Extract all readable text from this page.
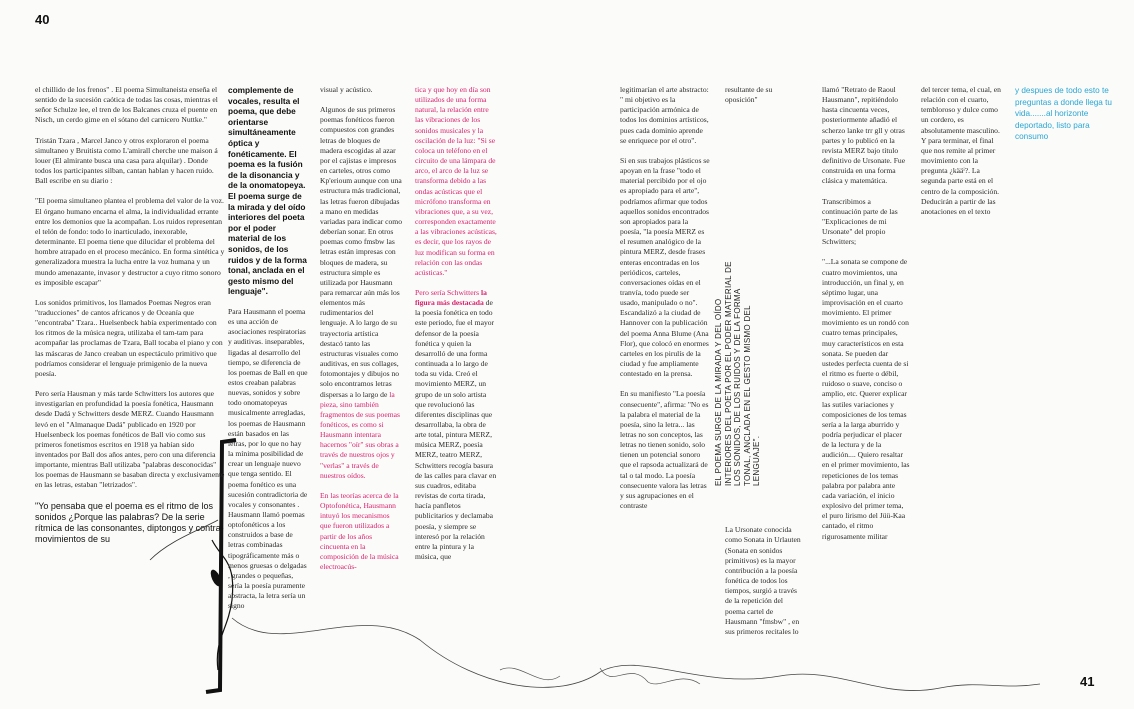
40
41

el chillido de los frenos" . El poema Simultaneista enseña el sentido de la sucesión caótica de todas las cosas, mientras el señor Schulze lee, el tren de los Balcanes cruza el puente en Nisch, un cerdo gime en el sótano del carnicero Nuttke."

Tristán Tzara , Marcel Janco y otros exploraron el poema simultaneo y Bruitista como L'amirall cherche une maison á louer (El almirante busca una casa para alquilar) . Donde todos los participantes silban, cantan hablan y hacen ruido. Ball escribe en su diario :

"El poema simultaneo plantea el problema del valor de la voz. El órgano humano encarna el alma, la individualidad errante entre los demonios que la acompañan. Los ruidos representan el telón de fondo: todo lo inarticulado, inexorable, determinante. El poema tiene que dilucidar el problema del hombre atrapado en el proceso mecánico. En forma sintética y generalizadora muestra la lucha entre la voz humana y un mundo amenazante, invasor y destructor a cuyo ritmo sonoro es imposible escapar"

Los sonidos primitivos, los llamados Poemas Negros eran "traducciones" de cantos africanos y de Oceanía que "encontraba" Tzara.. Huelsenbeck había experimentado con los ritmos de la música negra, utilizaba el tam-tam para acompañar las proclamas de Tzara, Ball tocaba el piano y con las máscaras de Janco creaban un espectáculo primitivo que podríamos considerar el lenguaje primigenio de la nueva poesía.

Pero sería Hausman y más tarde Schwitters los autores que investigarían en profundidad la poesía fonética, Hausmann desde Dadá y Schwitters desde MERZ. Cuando Hausmann levó en el "Almanaque Dadá" publicado en 1920 por Huelsenbeck los poemas fonéticos de Ball vio como sus primeros fonetismos escritos en 1918 ya habían sido inventados por Ball dos años antes, pero con una diferencia importante, mientras Ball utilizaba "palabras desconocidas" los poemas de Hausmann se basaban directa y exclusivamente en las letras, estaban "letrizados".

"Yo pensaba que el poema es el ritmo de los sonidos ¿Porque las palabras? De la serie rítmica de las consonantes, diptongos y contra-movimientos de su

complemente de vocales, resulta el poema, que debe orientarse simultáneamente óptica y fonéticamente. El poema es la fusión de la disonancia y de la onomatopeya. El poema surge de la mirada y del oído interiores del poeta por el poder material de los sonidos, de los ruidos y de la forma tonal, anclada en el gesto mismo del lenguaje".

Para Hausmann el poema es una acción de asociaciones respiratorias y auditivas. inseparables, ligadas al desarrollo del tiempo, se diferencia de los poemas de Ball en que estos creaban palabras nuevas, sonidos y sobre todo onomatopeyas musicalmente arregladas, los poemas de Hausmann están basados en las letras, por lo que no hay la mínima posibilidad de crear un lenguaje nuevo que tenga sentido. El poema fonético es una sucesión contradictoria de vocales y consonantes . Hausmann llamó poemas optofonéticos a los construidos a base de letras combinadas tipográficamente más o menos gruesas o delgadas , grandes o pequeñas, sería la poesía puramente abstracta, la letra sería un signo

visual y acústico.

Algunos de sus primeros poemas fonéticos fueron compuestos con grandes letras de bloques de madera escogidas al azar por el cajistas e impresos en carteles, otros como Kp'erioum aunque con una estructura más tradicional, las letras fueron dibujadas a mano en medidas variadas para indicar como deberían sonar. En otros poemas como fmsbw las letras están impresas con bloques de madera, su estructura simple es utilizada por Hausmann para remarcar aún más los elementos más rudimentarios del lenguaje. A lo largo de su trayectoria artística destacó tanto las estructuras visuales como auditivas, en sus collages, fotomontajes y dibujos no solo encontramos letras dispersas a lo largo de la pieza, sino también fragmentos de sus poemas fonéticos, es como si Hausmann intentara hacernos "oír" sus obras a través de nuestros ojos y "verlas" a través de nuestros oídos.

En las teorías acerca de la Optofonética, Hausmann intuyó los mecanismos que fueron utilizados a partir de los años cincuenta en la composición de la música electroacús-

tica y que hoy en día son utilizados de una forma natural, la relación entre las vibraciones de los sonidos musicales y la oscilación de la luz: "Si se coloca un teléfono en el circuito de una lámpara de arco, el arco de la luz se transforma debido a las ondas acústicas que el micrófono transforma en vibraciones que, a su vez, corresponden exactamente a las vibraciones acústicas, es decir, que los rayos de luz modifican su forma en relación con las ondas acústicas."

Pero sería Schwitters la figura más destacada de la poesía fonética en todo este periodo, fue el mayor defensor de la poesía fonética y quien la desarrolló de una forma continuada a lo largo de toda su vida. Creó el movimiento MERZ, un grupo de un solo artista que revolucionó las diferentes disciplinas que desarrollaba, la obra de arte total, pintura MERZ, música MERZ, poesía MERZ, teatro MERZ, Schwitters recogía basura de las calles para clavar en sus cuadros, editaba revistas de corta tirada, hacía panfletos publicitarios y declamaba poesía, y siempre se interesó por la relación entre la pintura y la música, que

legitimarían el arte abstracto: " mi objetivo es la participación armónica de todos los dominios artísticos, pues cada dominio aprende se enriquece por el otro".

Si en sus trabajos plásticos se apoyan en la frase "todo el material percibido por el ojo es apropiado para el arte", podríamos afirmar que todos aquellos sonidos encontrados son apropiados para la poesía, "la poesía MERZ es el resumen analógico de la pintura MERZ, desde frases enteras encontradas en los periódicos, carteles, conversaciones oídas en el tranvía, todo puede ser usado, manipulado o no". Escandalizó a la ciudad de Hannover con la publicación del poema Anna Blume (Ana Flor), que colocó en enormes carteles en los pirulís de la ciudad y fue ampliamente contestado en la prensa.

En su manifiesto "La poesía consecuente", afirma: "No es la palabra el material de la poesía, sino la letra... las letras no son conceptos, las letras no tienen sonido, solo tienen un potencial sonoro que el rapsoda actualizará de tal o tal modo. La poesía consecuente valora las letras y sus agrupaciones en el contraste

resultante de su oposición"

La Ursonate conocida como Sonata in Urlauten (Sonata en sonidos primitivos) es la mayor contribución a la poesía fonética de todos los tiempos, surgió a través de la repetición del poema cartel de Hausmann "fmsbw" , en sus primeros recitales lo

EL POEMA SURGE DE LA MIRADA Y DEL OÍDO INTERIORES DEL POETA POR EL PODER MATERIAL DE LOS SONIDOS, DE LOS RUIDOS Y DE LA FORMA TONAL, ANCLADA EN EL GESTO MISMO DEL LENGUAJE".

llamó "Retrato de Raoul Hausmann", repitiéndolo hasta cincuenta veces, posteriormente añadió el scherzo lanke trr gll y otras partes y lo publicó en la revista MERZ bajo título definitivo de Ursonate. Fue construida en una forma clásica y matemática.

Transcribimos a continuación parte de las "Explicaciones de mi Ursonate" del propio Schwitters;

"...La sonata se compone de cuatro movimientos, una introducción, un final y, en séptimo lugar, una improvisación en el cuarto movimiento. El primer movimiento es un rondó con cuatro temas principales, muy característicos en esta sonata. Se pueden dar ustedes perfecta cuenta de si el ritmo es fuerte o débil, ruidoso o suave, conciso o amplio, etc. Querer explicar las sutiles variaciones y composiciones de los temas sería a la larga aburrido y podría perjudicar el placer de la lectura y de la audición.... Quiero resaltar en el primer movimiento, las repeticiones de los temas palabra por palabra ante cada variación, el inicio explosivo del primer tema, el puro lirismo del Jüü-Kaa cantado, el ritmo rigurosamente militar

del tercer tema, el cual, en relación con el cuarto, tembloroso y dulce como un cordero, es absolutamente masculino. Y para terminar, el final que nos remite al primer movimiento con la pregunta ¿kääⁱ?. La segunda parte está en el centro de la composición. Deducirán a partir de las anotaciones en el texto

y despues de todo esto te preguntas a donde llega tu vida.......al horizonte deportado, listo para consumo
